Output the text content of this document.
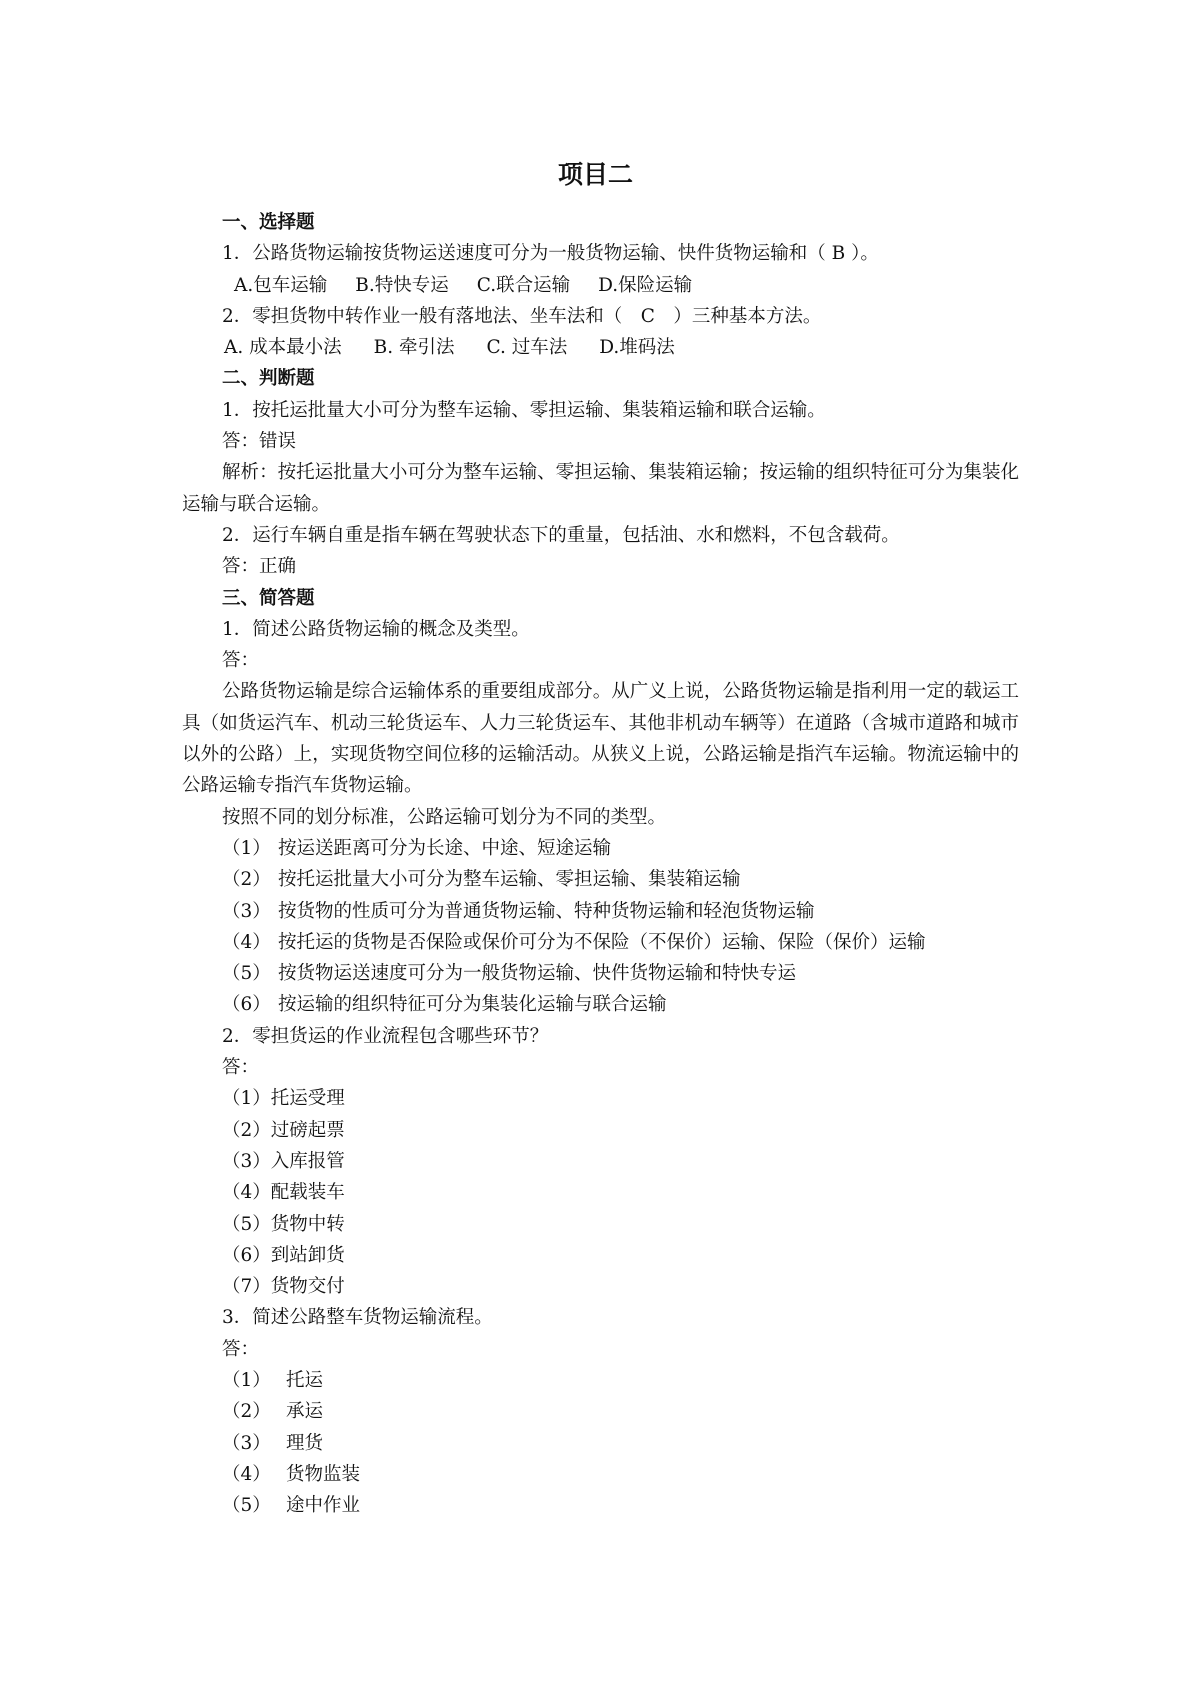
项目二
一、选择题
1．公路货物运输按货物运送速度可分为一般货物运输、快件货物运输和（ B ）。
A.包车运输 B.特快专运 C.联合运输 D.保险运输
2．零担货物中转作业一般有落地法、坐车法和（　C　）三种基本方法。
A. 成本最小法 B. 牵引法 C. 过车法 D.堆码法
二、判断题
1．按托运批量大小可分为整车运输、零担运输、集装箱运输和联合运输。
答：错误
解析：按托运批量大小可分为整车运输、零担运输、集装箱运输；按运输的组织特征可分为集装化运输与联合运输。
2．运行车辆自重是指车辆在驾驶状态下的重量，包括油、水和燃料，不包含载荷。
答：正确
三、简答题
1．简述公路货物运输的概念及类型。
答：
公路货物运输是综合运输体系的重要组成部分。从广义上说，公路货物运输是指利用一定的载运工具（如货运汽车、机动三轮货运车、人力三轮货运车、其他非机动车辆等）在道路（含城市道路和城市以外的公路）上，实现货物空间位移的运输活动。从狭义上说，公路运输是指汽车运输。物流运输中的公路运输专指汽车货物运输。
按照不同的划分标准，公路运输可划分为不同的类型。
（1） 按运送距离可分为长途、中途、短途运输
（2） 按托运批量大小可分为整车运输、零担运输、集装箱运输
（3） 按货物的性质可分为普通货物运输、特种货物运输和轻泡货物运输
（4） 按托运的货物是否保险或保价可分为不保险（不保价）运输、保险（保价）运输
（5） 按货物运送速度可分为一般货物运输、快件货物运输和特快专运
（6） 按运输的组织特征可分为集装化运输与联合运输
2．零担货运的作业流程包含哪些环节？
答：
（1）托运受理
（2）过磅起票
（3）入库报管
（4）配载装车
（5）货物中转
（6）到站卸货
（7）货物交付
3．简述公路整车货物运输流程。
答：
（1） 托运
（2） 承运
（3） 理货
（4） 货物监装
（5） 途中作业
